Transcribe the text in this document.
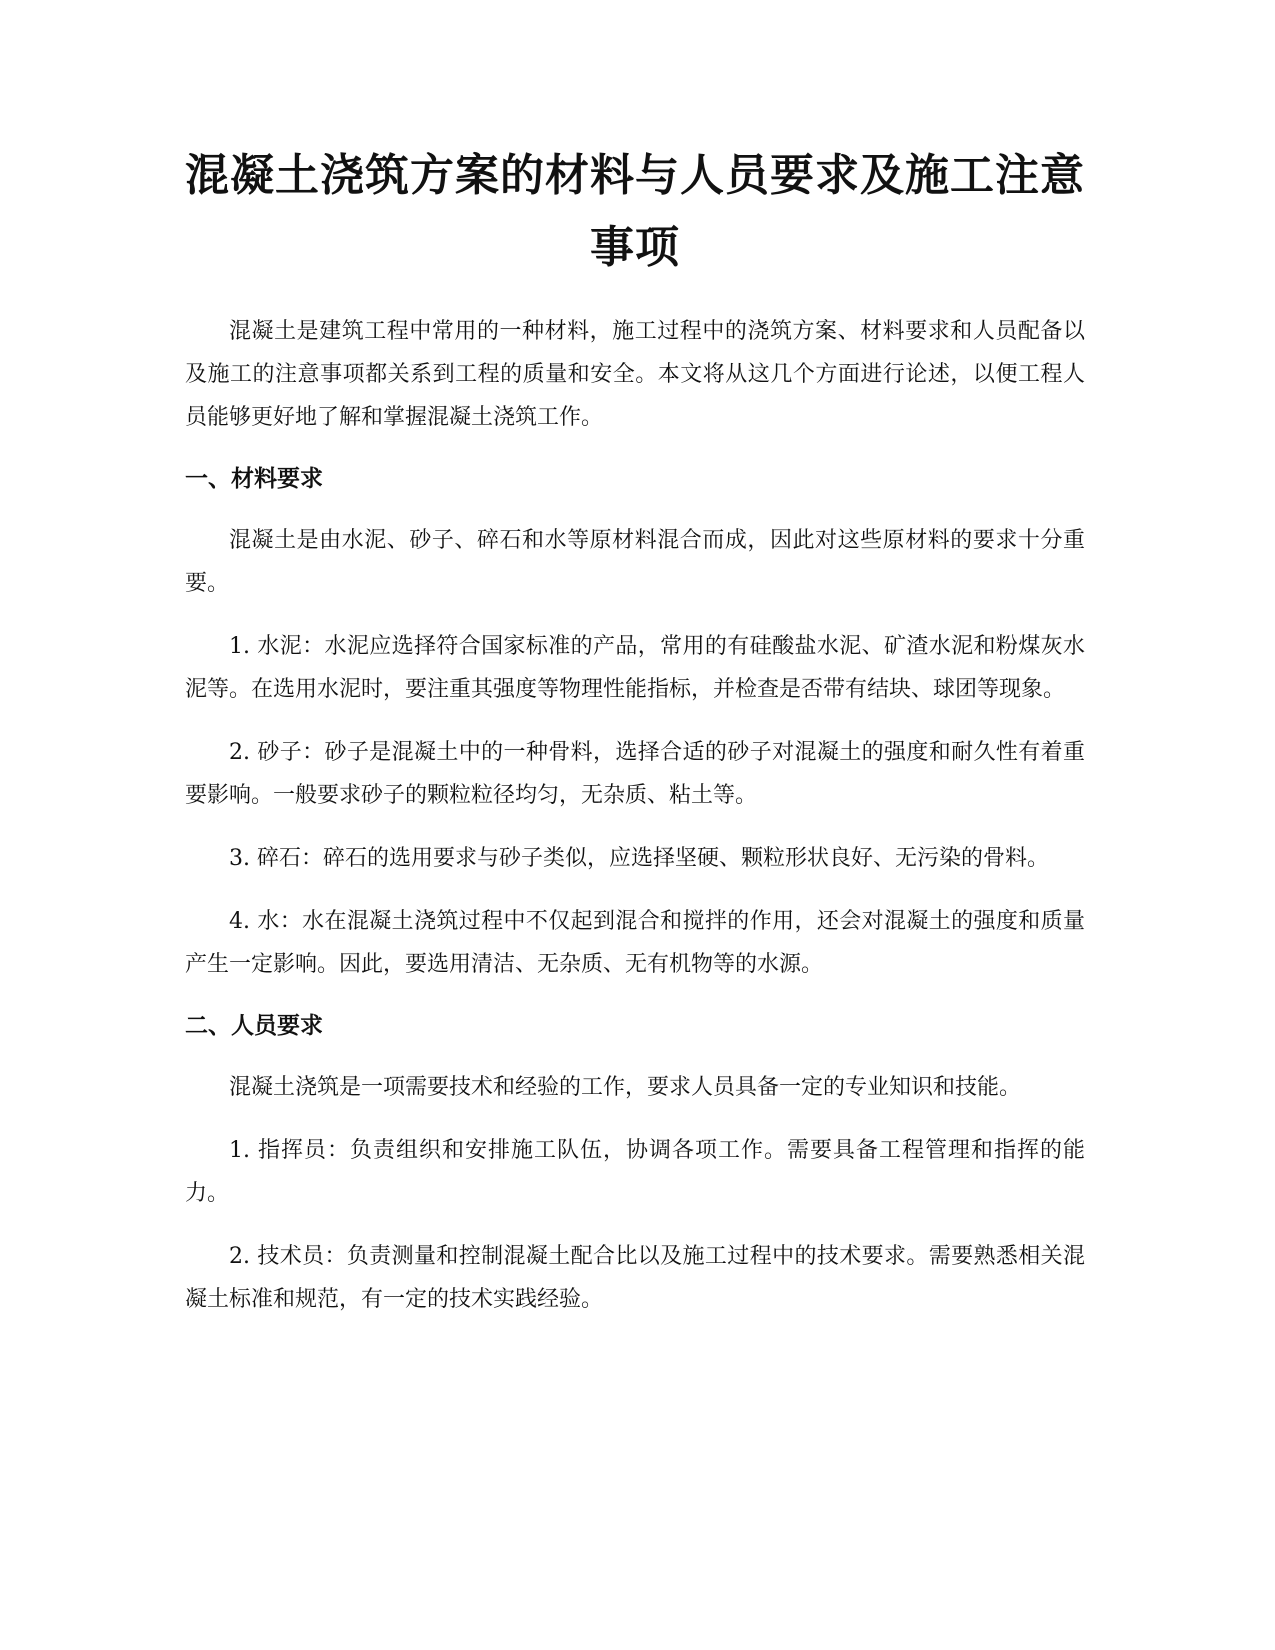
混凝土浇筑方案的材料与人员要求及施工注意事项

混凝土是建筑工程中常用的一种材料，施工过程中的浇筑方案、材料要求和人员配备以及施工的注意事项都关系到工程的质量和安全。本文将从这几个方面进行论述，以便工程人员能够更好地了解和掌握混凝土浇筑工作。

一、材料要求

混凝土是由水泥、砂子、碎石和水等原材料混合而成，因此对这些原材料的要求十分重要。

1. 水泥：水泥应选择符合国家标准的产品，常用的有硅酸盐水泥、矿渣水泥和粉煤灰水泥等。在选用水泥时，要注重其强度等物理性能指标，并检查是否带有结块、球团等现象。

2. 砂子：砂子是混凝土中的一种骨料，选择合适的砂子对混凝土的强度和耐久性有着重要影响。一般要求砂子的颗粒粒径均匀，无杂质、粘土等。

3. 碎石：碎石的选用要求与砂子类似，应选择坚硬、颗粒形状良好、无污染的骨料。

4. 水：水在混凝土浇筑过程中不仅起到混合和搅拌的作用，还会对混凝土的强度和质量产生一定影响。因此，要选用清洁、无杂质、无有机物等的水源。

二、人员要求

混凝土浇筑是一项需要技术和经验的工作，要求人员具备一定的专业知识和技能。

1. 指挥员：负责组织和安排施工队伍，协调各项工作。需要具备工程管理和指挥的能力。

2. 技术员：负责测量和控制混凝土配合比以及施工过程中的技术要求。需要熟悉相关混凝土标准和规范，有一定的技术实践经验。
